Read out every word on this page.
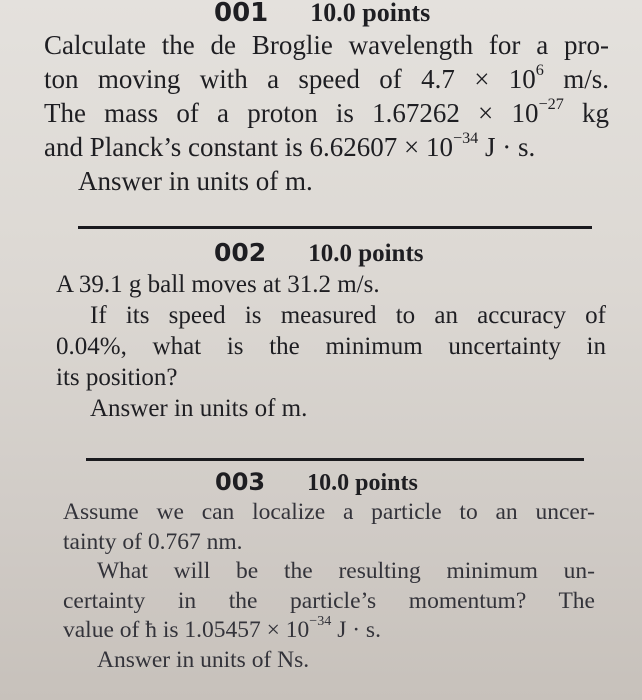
001 10.0 points
Calculate the de Broglie wavelength for a pro-
ton moving with a speed of $4.7 \times 10^6$ m/s.
The mass of a proton is $1.67262 \times 10^{-27}$ kg
and Planck’s constant is $6.62607 \times 10^{-34}$ J · s.
Answer in units of m.
002 10.0 points
A 39.1 g ball moves at 31.2 m/s.
If its speed is measured to an accuracy of
0.04%, what is the minimum uncertainty in
its position?
Answer in units of m.
003 10.0 points
Assume we can localize a particle to an uncer-
tainty of 0.767 nm.
What will be the resulting minimum un-
certainty in the particle’s momentum? The
value of ħ is $1.05457 \times 10^{-34}$ J · s.
Answer in units of Ns.
